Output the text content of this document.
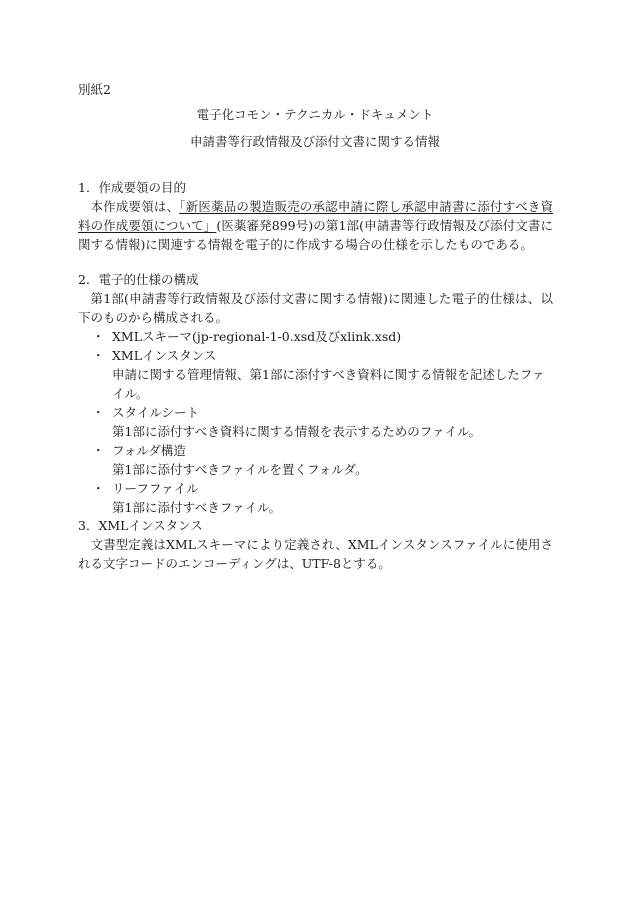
別紙2

電子化コモン・テクニカル・ドキュメント
申請書等行政情報及び添付文書に関する情報
1．作成要領の目的

本作成要領は、「新医薬品の製造販売の承認申請に際し承認申請書に添付すべき資料の作成要領について」(医薬審発899号)の第1部(申請書等行政情報及び添付文書に関する情報)に関連する情報を電子的に作成する場合の仕様を示したものである。

2．電子的仕様の構成

第1部(申請書等行政情報及び添付文書に関する情報)に関連した電子的仕様は、以下のものから構成される。

・ XMLスキーマ(jp-regional-1-0.xsd及びxlink.xsd)
・ XMLインスタンス
申請に関する管理情報、第1部に添付すべき資料に関する情報を記述したファイル。
・ スタイルシート
第1部に添付すべき資料に関する情報を表示するためのファイル。
・ フォルダ構造
第1部に添付すべきファイルを置くフォルダ。
・ リーフファイル
第1部に添付すべきファイル。
3．XMLインスタンス

文書型定義はXMLスキーマにより定義され、XMLインスタンスファイルに使用される文字コードのエンコーディングは、UTF-8とする。
